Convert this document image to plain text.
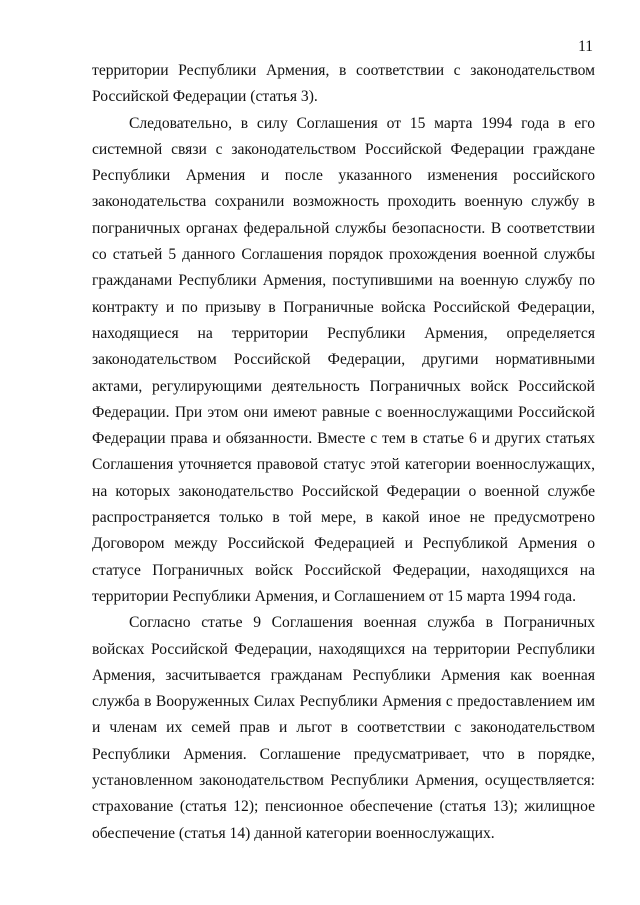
11
территории Республики Армения, в соответствии с законодательством
Российской Федерации (статья 3).
Следовательно, в силу Соглашения от 15 марта 1994 года в его
системной связи с законодательством Российской Федерации граждане
Республики Армения и после указанного изменения российского
законодательства сохранили возможность проходить военную службу в
пограничных органах федеральной службы безопасности. В соответствии
со статьей 5 данного Соглашения порядок прохождения военной службы
гражданами Республики Армения, поступившими на военную службу по
контракту и по призыву в Пограничные войска Российской Федерации,
находящиеся на территории Республики Армения, определяется
законодательством Российской Федерации, другими нормативными
актами, регулирующими деятельность Пограничных войск Российской
Федерации. При этом они имеют равные с военнослужащими Российской
Федерации права и обязанности. Вместе с тем в статье 6 и других статьях
Соглашения уточняется правовой статус этой категории военнослужащих,
на которых законодательство Российской Федерации о военной службе
распространяется только в той мере, в какой иное не предусмотрено
Договором между Российской Федерацией и Республикой Армения о
статусе Пограничных войск Российской Федерации, находящихся на
территории Республики Армения, и Соглашением от 15 марта 1994 года.
Согласно статье 9 Соглашения военная служба в Пограничных
войсках Российской Федерации, находящихся на территории Республики
Армения, засчитывается гражданам Республики Армения как военная
служба в Вооруженных Силах Республики Армения с предоставлением им
и членам их семей прав и льгот в соответствии с законодательством
Республики Армения. Соглашение предусматривает, что в порядке,
установленном законодательством Республики Армения, осуществляется:
страхование (статья 12); пенсионное обеспечение (статья 13); жилищное
обеспечение (статья 14) данной категории военнослужащих.
